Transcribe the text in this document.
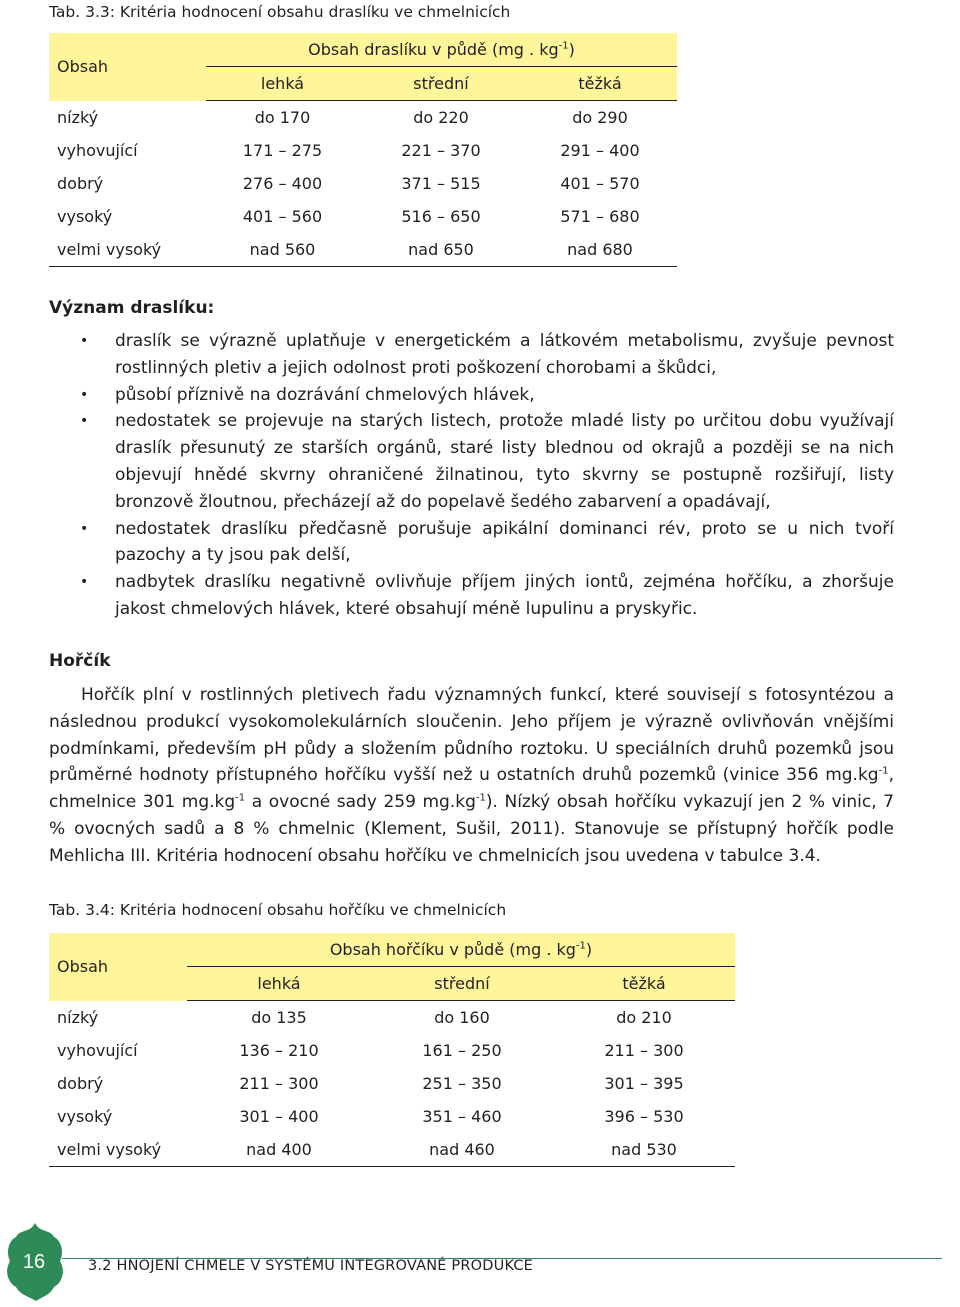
Tab. 3.3: Kritéria hodnocení obsahu draslíku ve chmelnicích
Obsah	Obsah draslíku v půdě (mg . $kg^{-1}$)		
	lehká	střední	těžká
nízký	do 170	do 220	do 290
vyhovující	171 – 275	221 – 370	291 – 400
dobrý	276 – 400	371 – 515	401 – 570
vysoký	401 – 560	516 – 650	571 – 680
velmi vysoký	nad 560	nad 650	nad 680
Význam draslíku:
• draslík se výrazně uplatňuje v energetickém a látkovém metabolismu, zvyšuje pevnost rostlinných pletiv a jejich odolnost proti poškození chorobami a škůdci,
• působí příznivě na dozrávání chmelových hlávek,
• nedostatek se projevuje na starých listech, protože mladé listy po určitou dobu využívají draslík přesunutý ze starších orgánů, staré listy blednou od okrajů a později se na nich objevují hnědé skvrny ohraničené žilnatinou, tyto skvrny se postupně rozšiřují, listy bronzově žloutnou, přecházejí až do popelavě šedého zabarvení a opadávají,
• nedostatek draslíku předčasně porušuje apikální dominanci rév, proto se u nich tvoří pazochy a ty jsou pak delší,
• nadbytek draslíku negativně ovlivňuje příjem jiných iontů, zejména hořčíku, a zhoršuje jakost chmelových hlávek, které obsahují méně lupulinu a pryskyřic.
Hořčík

Hořčík plní v rostlinných pletivech řadu významných funkcí, které souvisejí s fotosyntézou a následnou produkcí vysokomolekulárních sloučenin. Jeho příjem je výrazně ovlivňován vnějšími podmínkami, především pH půdy a složením půdního roztoku. U speciálních druhů pozemků jsou průměrné hodnoty přístupného hořčíku vyšší než u ostatních druhů pozemků (vinice 356 $mg.kg^{-1}$, chmelnice 301 $mg.kg^{-1}$ a ovocné sady 259 $mg.kg^{-1}$). Nízký obsah hořčíku vykazují jen 2 % vinic, 7 % ovocných sadů a 8 % chmelnic (Klement, Sušil, 2011). Stanovuje se přístupný hořčík podle Mehlicha III. Kritéria hodnocení obsahu hořčíku ve chmelnicích jsou uvedena v tabulce 3.4.

Tab. 3.4: Kritéria hodnocení obsahu hořčíku ve chmelnicích
Obsah	Obsah hořčíku v půdě (mg . $kg^{-1}$)		
	lehká	střední	těžká
nízký	do 135	do 160	do 210
vyhovující	136 – 210	161 – 250	211 – 300
dobrý	211 – 300	251 – 350	301 – 395
vysoký	301 – 400	351 – 460	396 – 530
velmi vysoký	nad 400	nad 460	nad 530
16	3.2 HNOJENÍ CHMELE V SYSTÉMU INTEGROVANÉ PRODUKCE
